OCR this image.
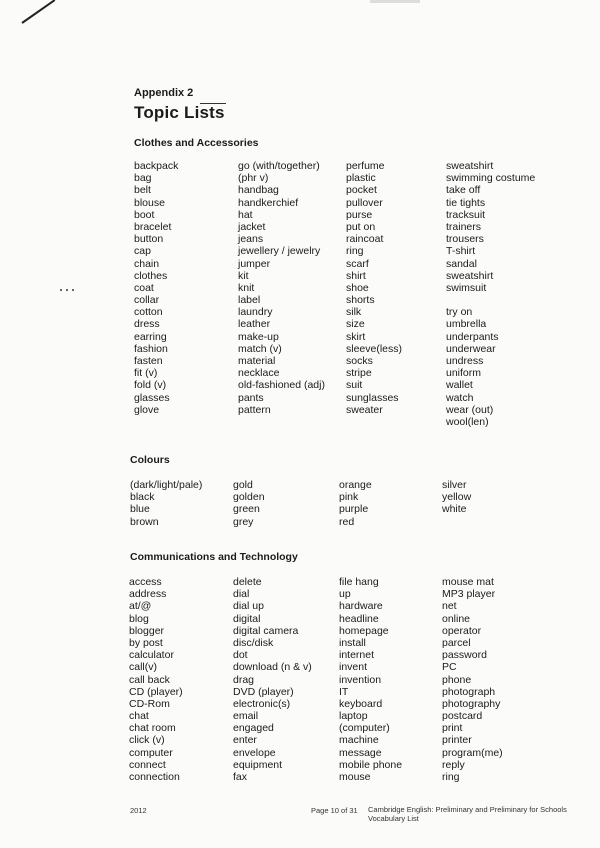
Appendix 2
Topic Lists
Clothes and Accessories
backpack
bag
belt
blouse
boot
bracelet
button
cap
chain
clothes
coat
collar
cotton
dress
earring
fashion
fasten
fit (v)
fold (v)
glasses
glove
go (with/together)
(phr v)
handbag
handkerchief
hat
jacket
jeans
jewellery / jewelry
jumper
kit
knit
label
laundry
leather
make-up
match (v)
material
necklace
old-fashioned (adj)
pants
pattern
perfume
plastic
pocket
pullover
purse
put on
raincoat
ring
scarf
shirt
shoe
shorts
silk
size
skirt
sleeve(less)
socks
stripe
suit
sunglasses
sweater
sweatshirt
swimming costume
take off
tie tights
tracksuit
trainers
trousers
T-shirt
sandal
sweatshirt
swimsuit
try on
umbrella
underpants
underwear
undress
uniform
wallet
watch
wear (out)
wool(len)
Colours
(dark/light/pale)
black
blue
brown
gold
golden
green
grey
orange
pink
purple
red
silver
yellow
white
Communications and Technology
access
address
at/@
blog
blogger
by post
calculator
call(v)
call back
CD (player)
CD-Rom
chat
chat room
click (v)
computer
connect
connection
delete
dial
dial up
digital
digital camera
disc/disk
dot
download (n & v)
drag
DVD (player)
electronic(s)
email
engaged
enter
envelope
equipment
fax
file hang
up
hardware
headline
homepage
install
internet
invent
invention
IT
keyboard
laptop
(computer)
machine
message
mobile phone
mouse
mouse mat
MP3 player
net
online
operator
parcel
password
PC
phone
photograph
photography
postcard
print
printer
program(me)
reply
ring
2012	Page 10 of 31 Cambridge English: Preliminary and Preliminary for Schools Vocabulary List
